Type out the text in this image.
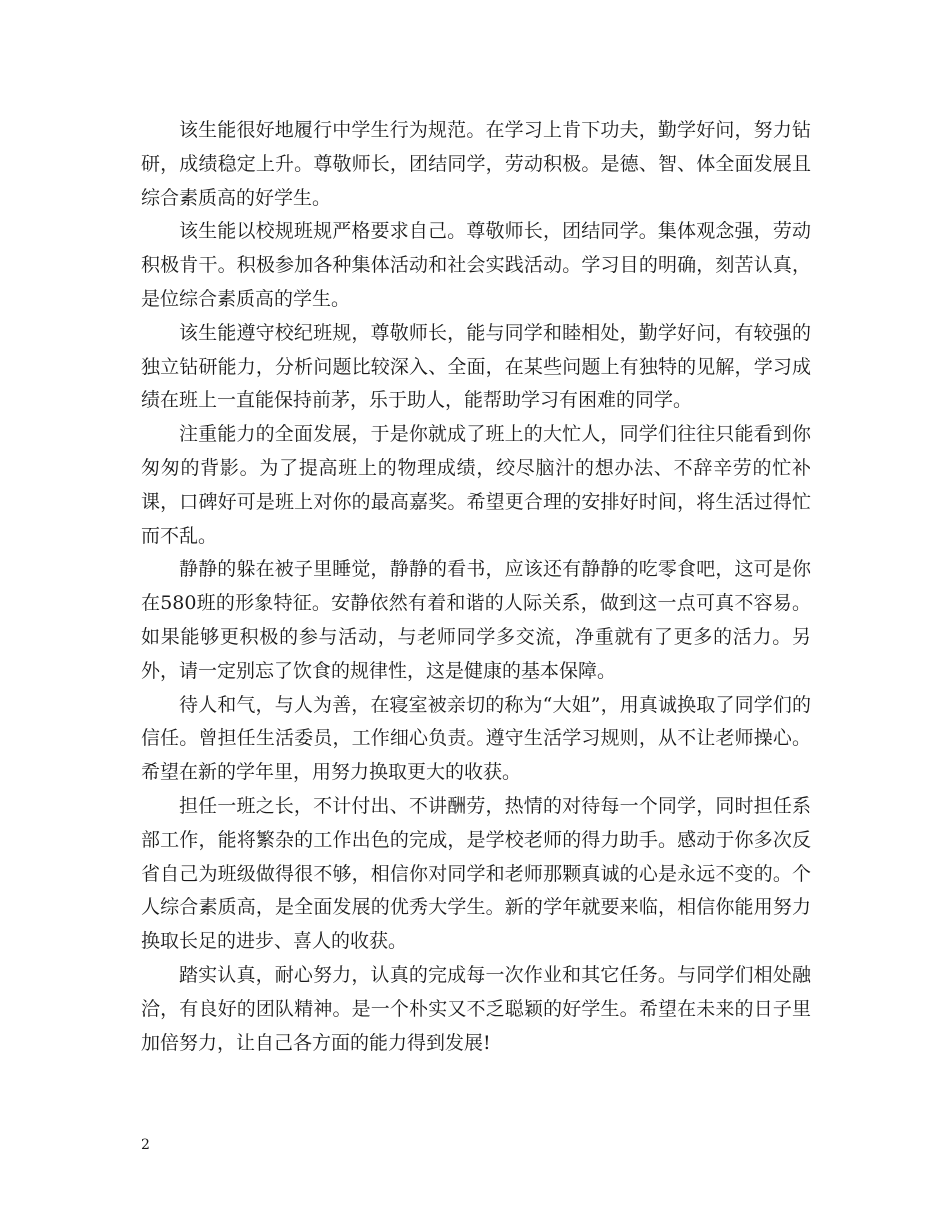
该生能很好地履行中学生行为规范。在学习上肯下功夫，勤学好问，努力钻研，成绩稳定上升。尊敬师长，团结同学，劳动积极。是德、智、体全面发展且综合素质高的好学生。

该生能以校规班规严格要求自己。尊敬师长，团结同学。集体观念强，劳动积极肯干。积极参加各种集体活动和社会实践活动。学习目的明确，刻苦认真，是位综合素质高的学生。

该生能遵守校纪班规，尊敬师长，能与同学和睦相处，勤学好问，有较强的独立钻研能力，分析问题比较深入、全面，在某些问题上有独特的见解，学习成绩在班上一直能保持前茅，乐于助人，能帮助学习有困难的同学。

注重能力的全面发展，于是你就成了班上的大忙人，同学们往往只能看到你匆匆的背影。为了提高班上的物理成绩，绞尽脑汁的想办法、不辞辛劳的忙补课，口碑好可是班上对你的最高嘉奖。希望更合理的安排好时间，将生活过得忙而不乱。

静静的躲在被子里睡觉，静静的看书，应该还有静静的吃零食吧，这可是你在580班的形象特征。安静依然有着和谐的人际关系，做到这一点可真不容易。如果能够更积极的参与活动，与老师同学多交流，净重就有了更多的活力。另外，请一定别忘了饮食的规律性，这是健康的基本保障。

待人和气，与人为善，在寝室被亲切的称为“大姐”，用真诚换取了同学们的信任。曾担任生活委员，工作细心负责。遵守生活学习规则，从不让老师操心。希望在新的学年里，用努力换取更大的收获。

担任一班之长，不计付出、不讲酬劳，热情的对待每一个同学，同时担任系部工作，能将繁杂的工作出色的完成，是学校老师的得力助手。感动于你多次反省自己为班级做得很不够，相信你对同学和老师那颗真诚的心是永远不变的。个人综合素质高，是全面发展的优秀大学生。新的学年就要来临，相信你能用努力换取长足的进步、喜人的收获。

踏实认真，耐心努力，认真的完成每一次作业和其它任务。与同学们相处融洽，有良好的团队精神。是一个朴实又不乏聪颖的好学生。希望在未来的日子里加倍努力，让自己各方面的能力得到发展!

2
